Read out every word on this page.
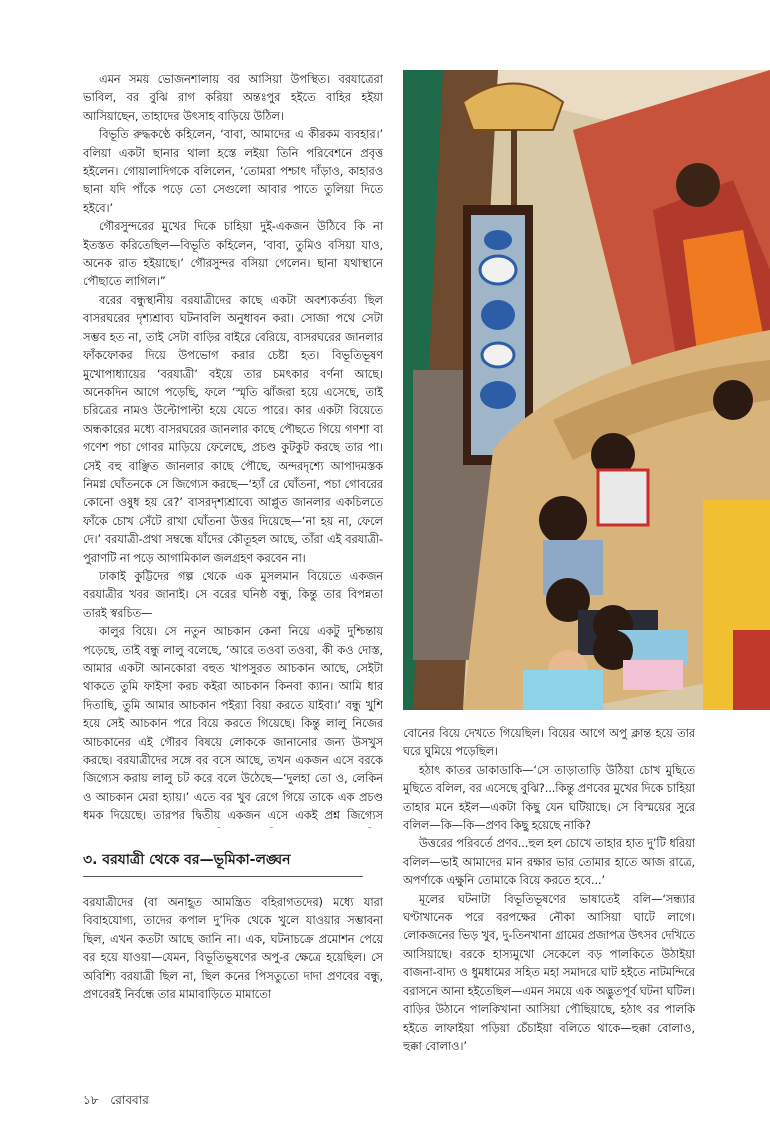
এমন সময় ভোজনশালায় বর আসিয়া উপস্থিত। বরযাত্রেরা ভাবিল, বর বুঝি রাগ করিয়া অন্তঃপুর হইতে বাহির হইয়া আসিয়াছেন, তাহাদের উৎসাহ বাড়িয়ে উঠিল।

বিভূতি রুদ্ধকণ্ঠে কহিলেন, ‘বাবা, আমাদের এ কীরকম ব্যবহার।’ বলিয়া একটা ছানার থালা হস্তে লইয়া তিনি পরিবেশনে প্রবৃত্ত হইলেন। গোয়ালাদিগকে বলিলেন, ‘তোমরা পশ্চাৎ দাঁড়াও, কাহারও ছানা যদি পাঁকে পড়ে তো সেগুলো আবার পাতে তুলিয়া দিতে হইবে।’

গৌরসুন্দরের মুখের দিকে চাহিয়া দুই-একজন উঠিবে কি না ইতস্তত করিতেছিল—বিভূতি কহিলেন, ‘বাবা, তুমিও বসিয়া যাও, অনেক রাত হইয়াছে।’ গৌরসুন্দর বসিয়া গেলেন। ছানা যথাস্থানে পৌছাতে লাগিল।”

বরের বন্ধুস্থানীয় বরযাত্রীদের কাছে একটা অবশ্যকর্তব্য ছিল বাসরঘরের দৃশ্যশ্রাব্য ঘটনাবলি অনুধাবন করা। সোজা পথে সেটা সম্ভব হত না, তাই সেটা বাড়ির বাইরে বেরিয়ে, বাসরঘরের জানলার ফাঁকফোকর দিয়ে উপভোগ করার চেষ্টা হত। বিভূতিভূষণ মুখোপাধ্যায়ের ‘বরযাত্রী’ বইয়ে তার চমৎকার বর্ণনা আছে। অনেকদিন আগে পড়েছি, ফলে ‘স্মৃতি ঝাঁজরা হয়ে এসেছে, তাই চরিত্রের নামও উল্টোপাল্টা হয়ে যেতে পারে। কার একটা বিয়েতে অন্ধকারের মধ্যে বাসরঘরের জানলার কাছে পৌছতে গিয়ে গণশা বা গণেশ পচা গোবর মাড়িয়ে ফেলেছে, প্রচণ্ড কুটকুট করছে তার পা। সেই বহু বাঞ্ছিত জানলার কাছে পৌছে, অন্দরদৃশ্যে আপাদমস্তক নিমগ্ন ঘোঁতনকে সে জিগ্যেস করছে—‘হ্যাঁ রে ঘোঁতনা, পচা গোবরের কোনো ওষুধ হয় রে?’ বাসরদৃশ্যশ্রাব্যে আপ্লুত জানলার একচিলতে ফাঁকে চোখ সেঁটে রাখা ঘোঁতনা উত্তর দিয়েছে—‘না হয় না, ফেলে দে।’ বরযাত্রী-প্রথা সম্বন্ধে যাঁদের কৌতূহল আছে, তাঁরা এই বরযাত্রী-পুরাণটি না পড়ে আগামিকাল জলগ্রহণ করবেন না।

ঢাকাই কুট্টিদের গল্প থেকে এক মুসলমান বিয়েতে একজন বরযাত্রীর খবর জানাই। সে বরের ঘনিষ্ঠ বন্ধু, কিন্তু তার বিপন্নতা তারই স্বরচিত—

কালুর বিয়ে। সে নতুন আচকান কেনা নিয়ে একটু দুশ্চিন্তায় পড়েছে, তাই বন্ধু লালু বলেছে, ‘আরে তওবা তওবা, কী কও দোস্ত, আমার একটা আনকোরা বহুত খাপসুরত আচকান আছে, সেইটা থাকতে তুমি ফাইসা করচ কইরা আচকান কিনবা ক্যান। আমি ধার দিতাছি, তুমি আমার আচকান পইর‍্যা বিয়া করতে যাইবা।’ বন্ধু খুশি হয়ে সেই আচকান পরে বিয়ে করতে গিয়েছে। কিন্তু লালু নিজের আচকানের এই গৌরব বিষয়ে লোককে জানানোর জন্য উসখুস করছে। বরযাত্রীদের সঙ্গে বর বসে আছে, তখন একজন এসে বরকে জিগ্যেস করায় লালু চট করে বলে উঠেছে—‘দুলহা তো ও, লেকিন ও আচকান মেরা হ্যায়।’ এতে বর খুব রেগে গিয়ে তাকে এক প্রচণ্ড ধমক দিয়েছে। তারপর দ্বিতীয় একজন এসে একই প্রশ্ন জিগ্যেস

৩. বরযাত্রী থেকে বর—ভূমিকা-লঙ্ঘন

বরযাত্রীদের (বা অনাহূত আমন্ত্রিত বহিরাগতদের) মধ্যে যারা বিবাহযোগ্য, তাদের কপাল দু’দিক থেকে খুলে যাওয়ার সম্ভাবনা ছিল, এখন কতটা আছে জানি না। এক, ঘটনাচক্রে প্রমোশন পেয়ে বর হয়ে যাওয়া—যেমন, বিভূতিভূষণের অপু-র ক্ষেত্রে হয়েছিল। সে অবিশ্যি বরযাত্রী ছিল না, ছিল কনের পিসতুতো দাদা প্রণবের বন্ধু, প্রণবেরই নির্বন্ধে তার মামাবাড়িতে মামাতো

বোনের বিয়ে দেখতে গিয়েছিল। বিয়ের আগে অপু ক্লান্ত হয়ে তার ঘরে ঘুমিয়ে পড়েছিল।

হঠাৎ কাতর ডাকাডাকি—‘সে তাড়াতাড়ি উঠিয়া চোখ মুছিতে মুছিতে বলিল, বর এসেছে বুঝি?...কিন্তু প্রণবের মুখের দিকে চাহিয়া তাহার মনে হইল—একটা কিছু যেন ঘটিয়াছে। সে বিস্ময়ের সুরে বলিল—কি—কি—প্রণব কিছু হয়েছে নাকি?

উত্তরের পরিবর্তে প্রণব...হুল হল চোখে তাহার হাত দু’টি ধরিয়া বলিল—ভাই আমাদের মান রক্ষার ভার তোমার হাতে আজ রাত্রে, অপর্ণাকে এক্ষুনি তোমাকে বিয়ে করতে হবে...’

মূলের ঘটনাটা বিভূতিভূষণের ভাষাতেই বলি—‘সন্ধ্যার ঘণ্টাখানেক পরে বরপক্ষের নৌকা আসিয়া ঘাটে লাগে। লোকজনের ভিড় খুব, দু-তিনখানা গ্রামের প্রজাপত্র উৎসব দেখিতে আসিয়াছে। বরকে হাস্যমুখো সেকেলে বড় পালকিতে উঠাইয়া বাজনা-বাদ্য ও ধুমধামের সহিত মহা সমাদরে ঘাট হইতে নাটমন্দিরে বরাসনে আনা হইতেছিল—এমন সময়ে এক অদ্ভুতপূর্ব ঘটনা ঘটিল। বাড়ির উঠানে পালকিখানা আসিয়া পৌছিয়াছে, হঠাৎ বর পালকি হইতে লাফাইয়া পড়িয়া চেঁচাইয়া বলিতে থাকে—হুক্কা বোলাও, হুক্কা বোলাও।’

১৮ রোববার
